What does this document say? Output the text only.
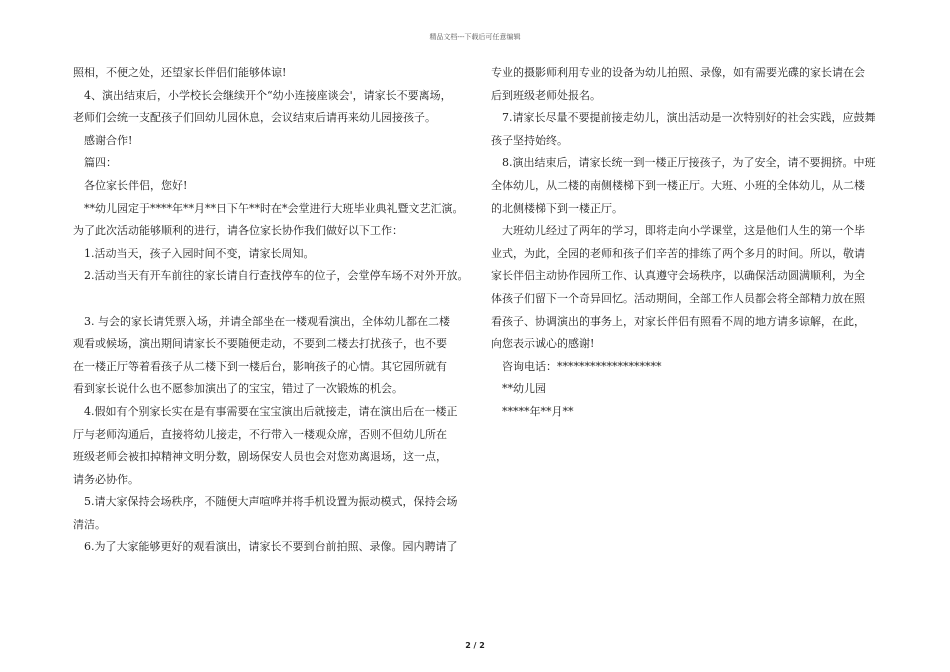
精品文档---下载后可任意编辑
照相，不便之处，还望家长伴侣们能够体谅!
　4、演出结束后，小学校长会继续开个“幼小连接座谈会'，请家长不要离场，
老师们会统一支配孩子们回幼儿园休息，会议结束后请再来幼儿园接孩子。
　感谢合作!
　篇四：
　各位家长伴侣，您好!
　**幼儿园定于****年**月**日下午**时在*会堂进行大班毕业典礼暨文艺汇演。
为了此次活动能够顺利的进行，请各位家长协作我们做好以下工作：
　1.活动当天，孩子入园时间不变，请家长周知。
　2.活动当天有开车前往的家长请自行查找停车的位子，会堂停车场不对外开放。
　3. 与会的家长请凭票入场，并请全部坐在一楼观看演出，全体幼儿都在二楼
观看或候场，演出期间请家长不要随便走动，不要到二楼去打扰孩子，也不要
在一楼正厅等着看孩子从二楼下到一楼后台，影响孩子的心情。其它园所就有
看到家长说什么也不愿参加演出了的宝宝，错过了一次锻炼的机会。
　4.假如有个别家长实在是有事需要在宝宝演出后就接走，请在演出后在一楼正
厅与老师沟通后，直接将幼儿接走，不行带入一楼观众席，否则不但幼儿所在
班级老师会被扣掉精神文明分数，剧场保安人员也会对您劝离退场，这一点，
请务必协作。
　5.请大家保持会场秩序，不随便大声喧哗并将手机设置为振动模式，保持会场
清洁。
　6.为了大家能够更好的观看演出，请家长不要到台前拍照、录像。园内聘请了
专业的摄影师利用专业的设备为幼儿拍照、录像，如有需要光碟的家长请在会
后到班级老师处报名。
　7.请家长尽量不要提前接走幼儿，演出活动是一次特别好的社会实践，应鼓舞
孩子坚持始终。
　8.演出结束后，请家长统一到一楼正厅接孩子，为了安全，请不要拥挤。中班
全体幼儿，从二楼的南侧楼梯下到一楼正厅。大班、小班的全体幼儿，从二楼
的北侧楼梯下到一楼正厅。
　大班幼儿经过了两年的学习，即将走向小学课堂，这是他们人生的第一个毕
业式，为此，全园的老师和孩子们辛苦的排练了两个多月的时间。所以，敬请
家长伴侣主动协作园所工作、认真遵守会场秩序，以确保活动圆满顺利，为全
体孩子们留下一个奇异回忆。活动期间，全部工作人员都会将全部精力放在照
看孩子、协调演出的事务上，对家长伴侣有照看不周的地方请多谅解，在此，
向您表示诚心的感谢!
　咨询电话：*******************
　**幼儿园
　*****年**月**
2 / 2
